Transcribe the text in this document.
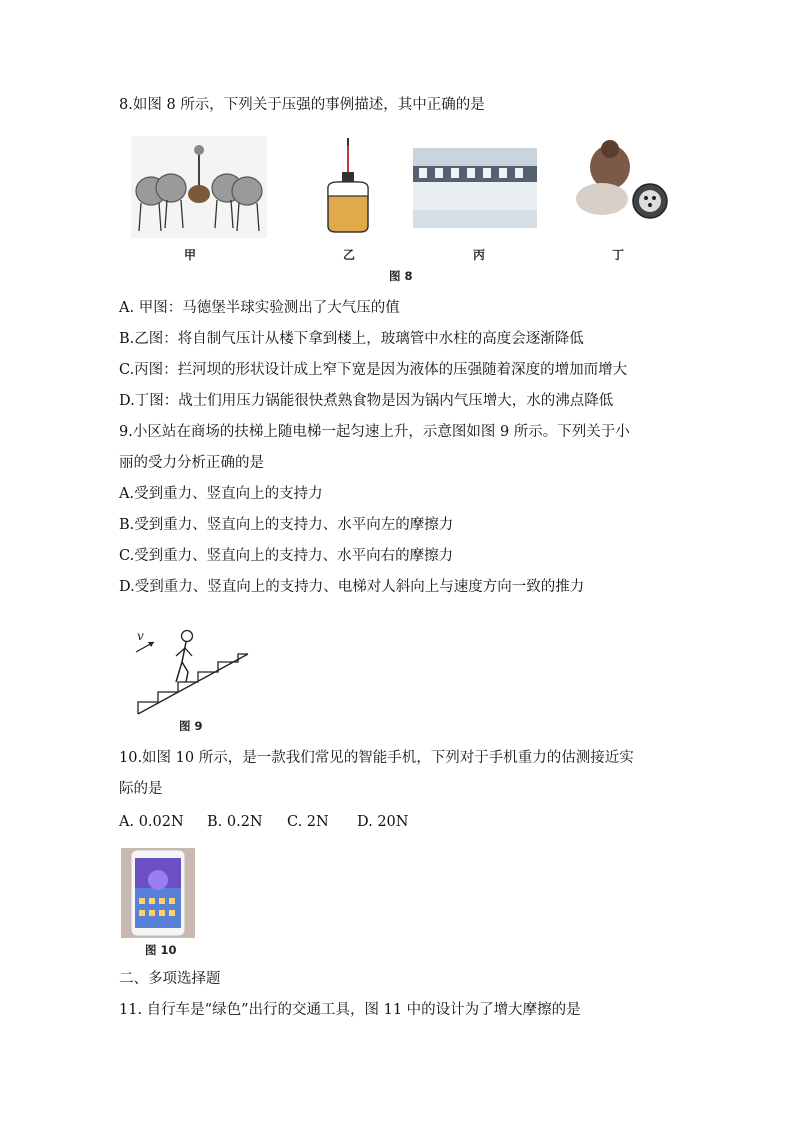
8.如图 8 所示，下列关于压强的事例描述，其中正确的是
甲	乙	丙	丁
图 8
A. 甲图：马德堡半球实验测出了大气压的值
B.乙图：将自制气压计从楼下拿到楼上，玻璃管中水柱的高度会逐渐降低
C.丙图：拦河坝的形状设计成上窄下宽是因为液体的压强随着深度的增加而增大
D.丁图：战士们用压力锅能很快煮熟食物是因为锅内气压增大，水的沸点降低
9.小区站在商场的扶梯上随电梯一起匀速上升，示意图如图 9 所示。下列关于小
丽的受力分析正确的是
A.受到重力、竖直向上的支持力
B.受到重力、竖直向上的支持力、水平向左的摩擦力
C.受到重力、竖直向上的支持力、水平向右的摩擦力
D.受到重力、竖直向上的支持力、电梯对人斜向上与速度方向一致的推力
v
图 9
10.如图 10 所示，是一款我们常见的智能手机，下列对于手机重力的估测接近实
际的是
A. 0.02N B. 0.2N C. 2N D. 20N
图 10
二、多项选择题
11. 自行车是“绿色”出行的交通工具，图 11 中的设计为了增大摩擦的是
